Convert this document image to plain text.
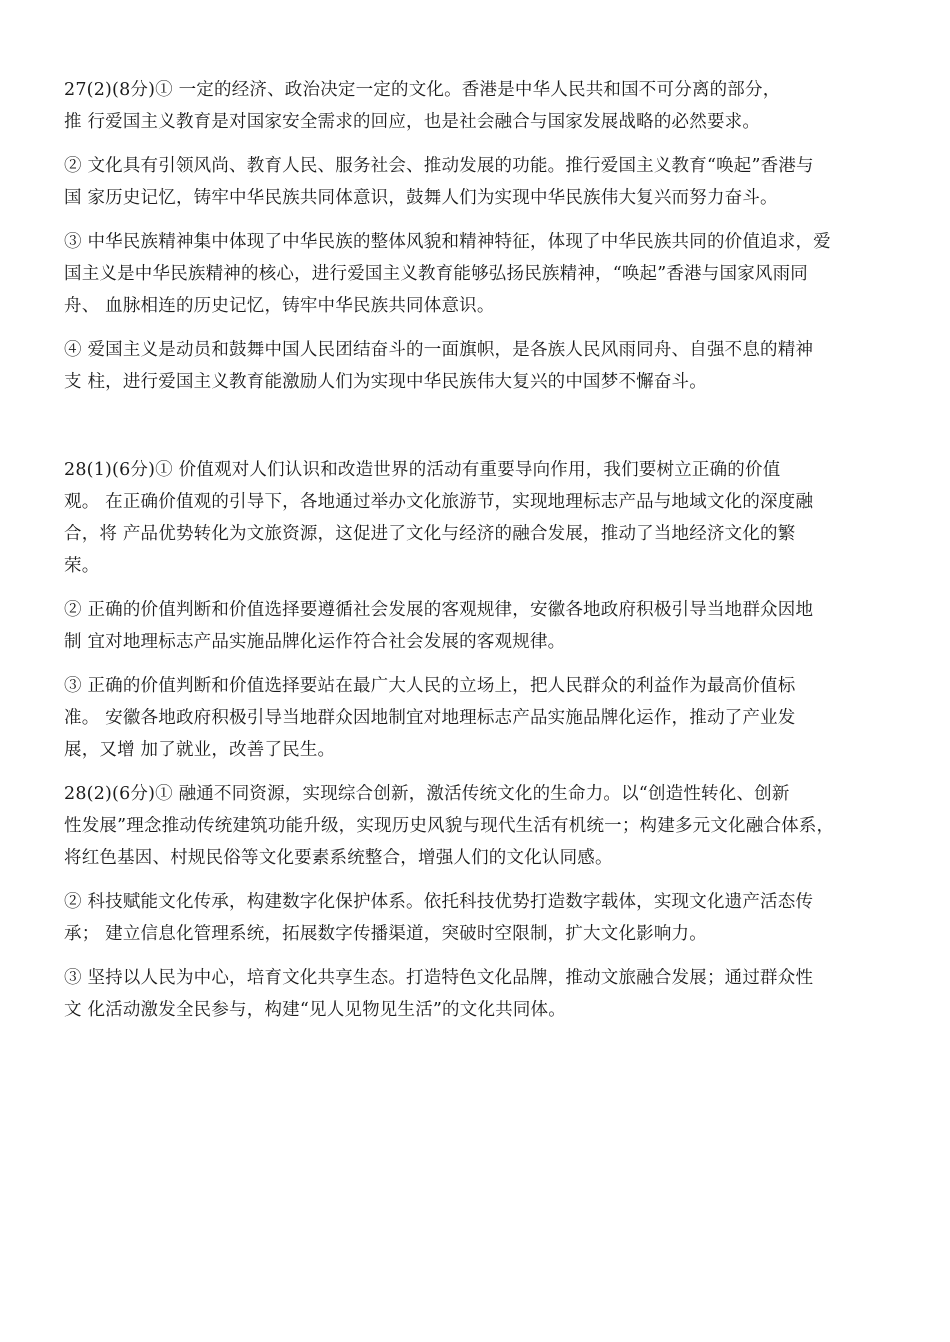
27(2)(8分)① 一定的经济、政治决定一定的文化。香港是中华人民共和国不可分离的部分，
推 行爱国主义教育是对国家安全需求的回应，也是社会融合与国家发展战略的必然要求。
② 文化具有引领风尚、教育人民、服务社会、推动发展的功能。推行爱国主义教育“唤起”香港与
国 家历史记忆，铸牢中华民族共同体意识，鼓舞人们为实现中华民族伟大复兴而努力奋斗。
③ 中华民族精神集中体现了中华民族的整体风貌和精神特征，体现了中华民族共同的价值追求，爱
国主义是中华民族精神的核心，进行爱国主义教育能够弘扬民族精神，“唤起”香港与国家风雨同
舟、 血脉相连的历史记忆，铸牢中华民族共同体意识。
④ 爱国主义是动员和鼓舞中国人民团结奋斗的一面旗帜，是各族人民风雨同舟、自强不息的精神
支 柱，进行爱国主义教育能激励人们为实现中华民族伟大复兴的中国梦不懈奋斗。
28(1)(6分)① 价值观对人们认识和改造世界的活动有重要导向作用，我们要树立正确的价值
观。 在正确价值观的引导下，各地通过举办文化旅游节，实现地理标志产品与地域文化的深度融
合，将 产品优势转化为文旅资源，这促进了文化与经济的融合发展，推动了当地经济文化的繁
荣。
② 正确的价值判断和价值选择要遵循社会发展的客观规律，安徽各地政府积极引导当地群众因地
制 宜对地理标志产品实施品牌化运作符合社会发展的客观规律。
③ 正确的价值判断和价值选择要站在最广大人民的立场上，把人民群众的利益作为最高价值标
准。 安徽各地政府积极引导当地群众因地制宜对地理标志产品实施品牌化运作，推动了产业发
展，又增 加了就业，改善了民生。
28(2)(6分)① 融通不同资源，实现综合创新，激活传统文化的生命力。以“创造性转化、创新
性发展”理念推动传统建筑功能升级，实现历史风貌与现代生活有机统一；构建多元文化融合体系，
将红色基因、村规民俗等文化要素系统整合，增强人们的文化认同感。
② 科技赋能文化传承，构建数字化保护体系。依托科技优势打造数字载体，实现文化遗产活态传
承； 建立信息化管理系统，拓展数字传播渠道，突破时空限制，扩大文化影响力。
③ 坚持以人民为中心，培育文化共享生态。打造特色文化品牌，推动文旅融合发展；通过群众性
文 化活动激发全民参与，构建“见人见物见生活”的文化共同体。
